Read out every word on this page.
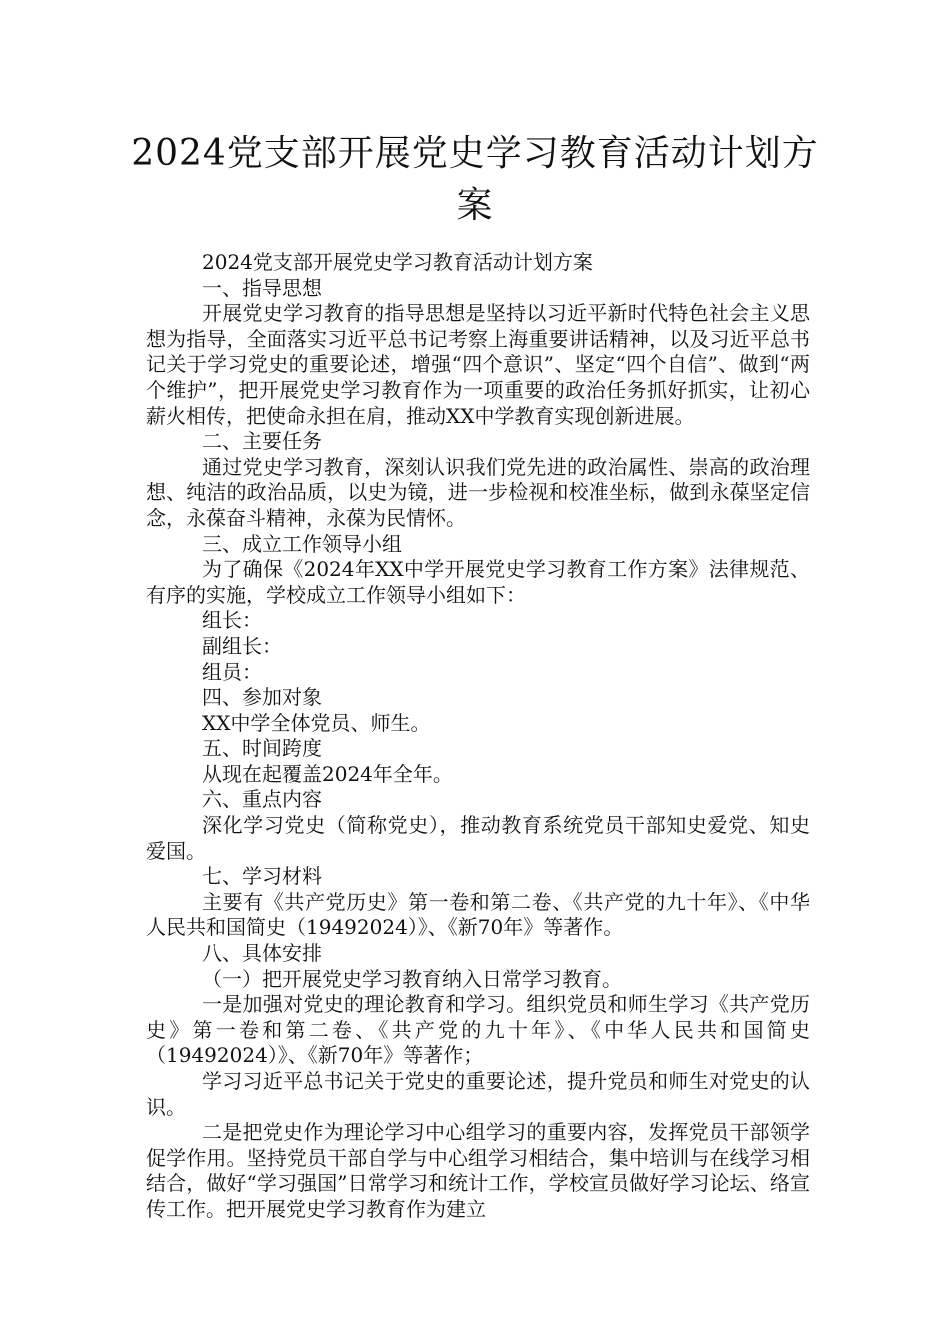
2024党支部开展党史学习教育活动计划方案

2024党支部开展党史学习教育活动计划方案

一、指导思想

开展党史学习教育的指导思想是坚持以习近平新时代特色社会主义思想为指导，全面落实习近平总书记考察上海重要讲话精神，以及习近平总书记关于学习党史的重要论述，增强“四个意识”、坚定“四个自信”、做到“两个维护”，把开展党史学习教育作为一项重要的政治任务抓好抓实，让初心薪火相传，把使命永担在肩，推动XX中学教育实现创新进展。

二、主要任务

通过党史学习教育，深刻认识我们党先进的政治属性、崇高的政治理想、纯洁的政治品质，以史为镜，进一步检视和校准坐标，做到永葆坚定信念，永葆奋斗精神，永葆为民情怀。

三、成立工作领导小组

为了确保《2024年XX中学开展党史学习教育工作方案》法律规范、有序的实施，学校成立工作领导小组如下：

组长：

副组长：

组员：

四、参加对象

XX中学全体党员、师生。

五、时间跨度

从现在起覆盖2024年全年。

六、重点内容

深化学习党史（简称党史），推动教育系统党员干部知史爱党、知史爱国。

七、学习材料

主要有《共产党历史》第一卷和第二卷、《共产党的九十年》、《中华人民共和国简史（19492024）》、《新70年》等著作。

八、具体安排

（一）把开展党史学习教育纳入日常学习教育。

一是加强对党史的理论教育和学习。组织党员和师生学习《共产党历史》第一卷和第二卷、《共产党的九十年》、《中华人民共和国简史（19492024）》、《新70年》等著作；

学习习近平总书记关于党史的重要论述，提升党员和师生对党史的认识。

二是把党史作为理论学习中心组学习的重要内容，发挥党员干部领学促学作用。坚持党员干部自学与中心组学习相结合，集中培训与在线学习相结合，做好“学习强国”日常学习和统计工作，学校宣员做好学习论坛、络宣传工作。把开展党史学习教育作为建立
